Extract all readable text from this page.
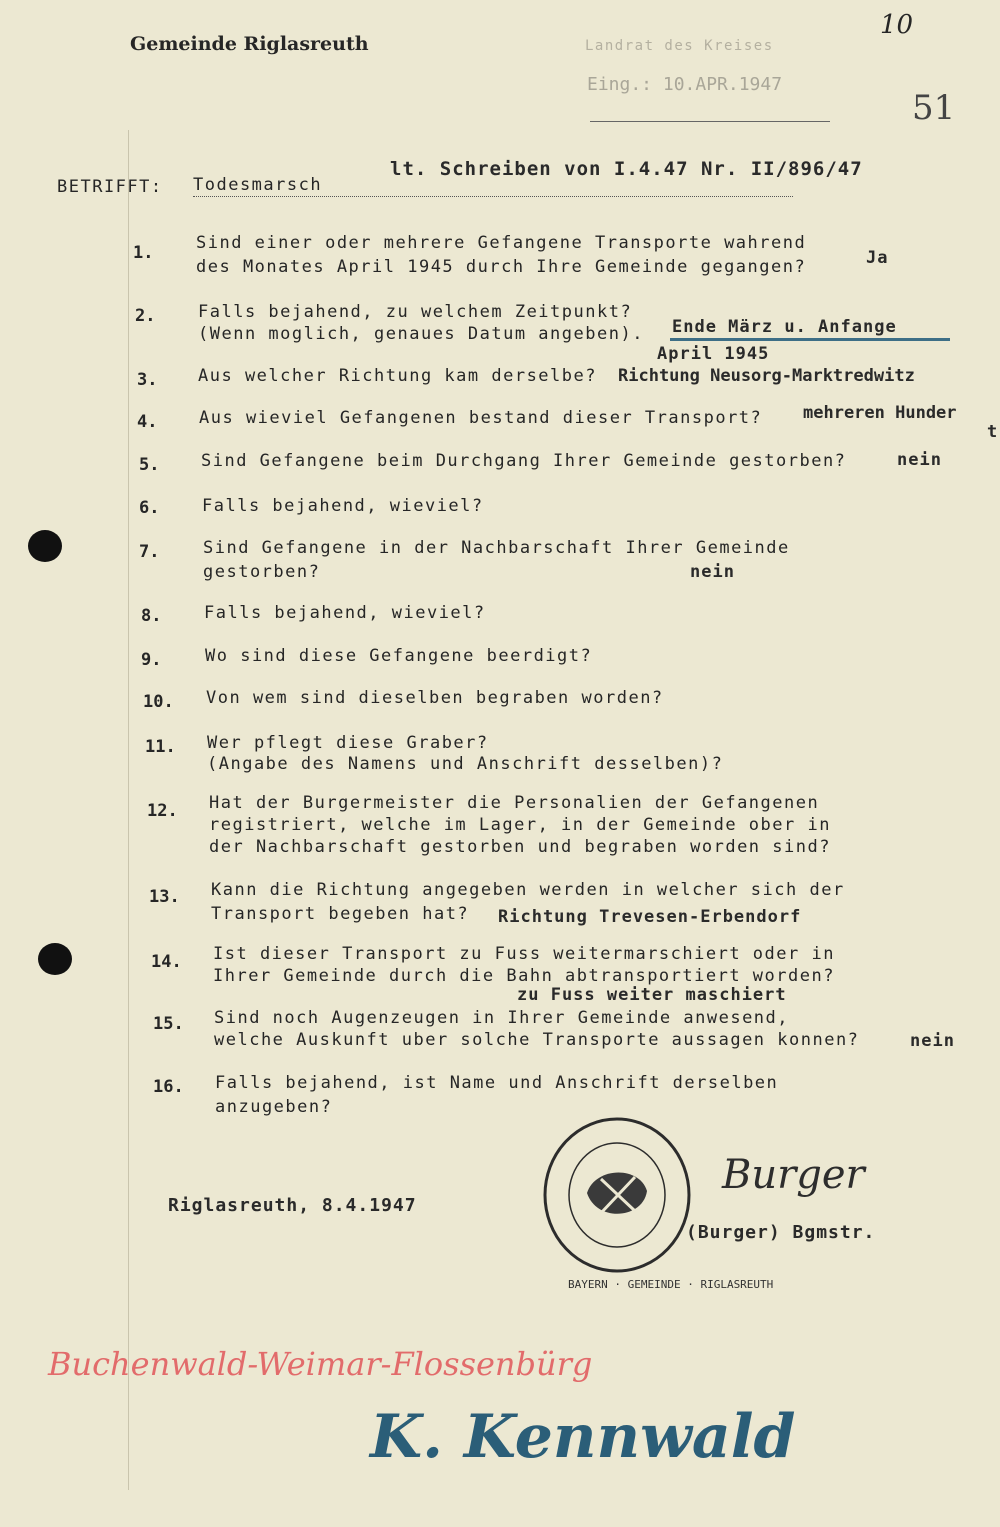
Gemeinde Riglasreuth
10
Landrat des Kreises
Eing.: 10.APR.1947
51
BETRIFFT: Todesmarsch
lt. Schreiben von I.4.47 Nr. II/896/47
1.	Sind einer oder mehrere Gefangene Transporte wahrend
des Monates April 1945 durch Ihre Gemeinde gegangen?	Ja
2.	Falls bejahend, zu welchem Zeitpunkt?
(Wenn moglich, genaues Datum angeben). Ende März u. Anfange
April 1945
3. Aus welcher Richtung kam derselbe? Richtung Neusorg-Marktredwitz
4. Aus wieviel Gefangenen bestand dieser Transport? mehreren Hunder
t
5. Sind Gefangene beim Durchgang Ihrer Gemeinde gestorben?	nein
6.	Falls bejahend, wieviel?
7.	Sind Gefangene in der Nachbarschaft Ihrer Gemeinde
gestorben?	nein
8.	Falls bejahend, wieviel?
9.	Wo sind diese Gefangene beerdigt?
10. Von wem sind dieselben begraben worden?
11. Wer pflegt diese Graber?
(Angabe des Namens und Anschrift desselben)?
12. Hat der Burgermeister die Personalien der Gefangenen
registriert, welche im Lager, in der Gemeinde ober in
der Nachbarschaft gestorben und begraben worden sind?
13. Kann die Richtung angegeben werden in welcher sich der
Transport begeben hat? Richtung Trevesen-Erbendorf
14. Ist dieser Transport zu Fuss weitermarschiert oder in
Ihrer Gemeinde durch die Bahn abtransportiert worden?
zu Fuss weiter maschiert
15. Sind noch Augenzeugen in Ihrer Gemeinde anwesend,
welche Auskunft uber solche Transporte aussagen konnen?	nein
16. Falls bejahend, ist Name und Anschrift derselben
anzugeben?
Riglasreuth, 8.4.1947
BAYERN · GEMEINDE · RIGLASREUTH
Burger
(Burger) Bgmstr.
Buchenwald-Weimar-Flossenbürg
K. Kennwald
